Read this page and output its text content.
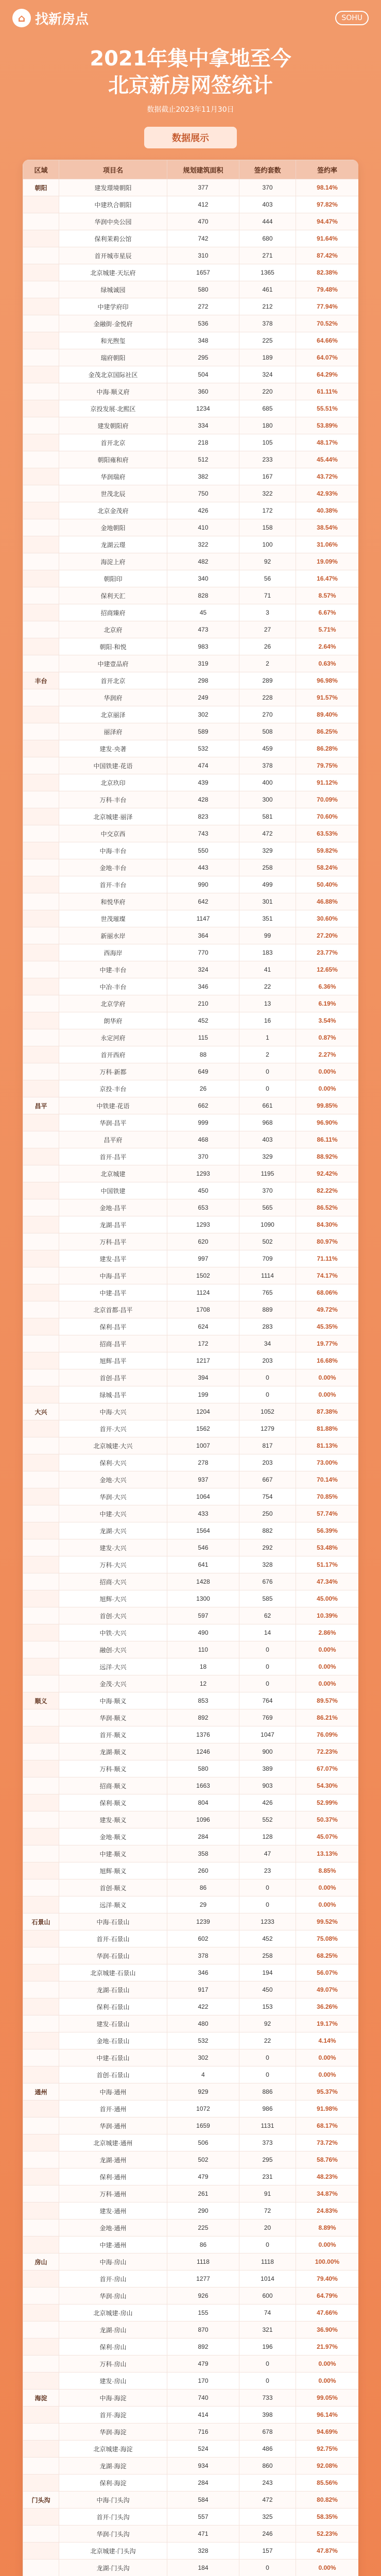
⌂ 找新房点	SOHU
2021年集中拿地至今
北京新房网签统计
数据截止2023年11月30日
数据展示
区域	项目名	规划建筑面积	签约套数	签约率
朝阳	建发璟境朝阳	377	370	98.14%
	中建玖合朝阳	412	403	97.82%
	华润中央公园	470	444	94.47%
	保利茉莉公馆	742	680	91.64%
	首开城市星辰	310	271	87.42%
	北京城建·天坛府	1657	1365	82.38%
	绿城诚园	580	461	79.48%
	中建学府印	272	212	77.94%
	金融街·金悦府	536	378	70.52%
	和光煦玺	348	225	64.66%
	瑞府朝阳	295	189	64.07%
	金茂北京国际社区	504	324	64.29%
	中海·顺义府	360	220	61.11%
	京投发展·北熙区	1234	685	55.51%
	建发朝阳府	334	180	53.89%
	首开北京	218	105	48.17%
	朝阳雍和府	512	233	45.44%
	华润瑞府	382	167	43.72%
	世茂北辰	750	322	42.93%
	北京金茂府	426	172	40.38%
	金地朝阳	410	158	38.54%
	龙湖云璟	322	100	31.06%
	海淀上府	482	92	19.09%
	朝阳印	340	56	16.47%
	保利天汇	828	71	8.57%
	招商臻府	45	3	6.67%
	北京府	473	27	5.71%
	朝阳·和悦	983	26	2.64%
	中建壹品府	319	2	0.63%
丰台	首开北京	298	289	96.98%
	华润府	249	228	91.57%
	北京丽泽	302	270	89.40%
	丽泽府	589	508	86.25%
	建发·央著	532	459	86.28%
	中国铁建·花语	474	378	79.75%
	北京玖印	439	400	91.12%
	万科·丰台	428	300	70.09%
	北京城建·丽泽	823	581	70.60%
	中交京西	743	472	63.53%
	中海·丰台	550	329	59.82%
	金地·丰台	443	258	58.24%
	首开·丰台	990	499	50.40%
	和悦华府	642	301	46.88%
	世茂璀璨	1147	351	30.60%
	新丽水岸	364	99	27.20%
	西海岸	770	183	23.77%
	中建·丰台	324	41	12.65%
	中冶·丰台	346	22	6.36%
	北京学府	210	13	6.19%
	朗华府	452	16	3.54%
	永定河府	115	1	0.87%
	首开西府	88	2	2.27%
	万科·新都	649	0	0.00%
	京投·丰台	26	0	0.00%
昌平	中铁建·花语	662	661	99.85%
	华润·昌平	999	968	96.90%
	昌平府	468	403	86.11%
	首开·昌平	370	329	88.92%
	北京城建	1293	1195	92.42%
	中国铁建	450	370	82.22%
	金地·昌平	653	565	86.52%
	龙湖·昌平	1293	1090	84.30%
	万科·昌平	620	502	80.97%
	建发·昌平	997	709	71.11%
	中海·昌平	1502	1114	74.17%
	中建·昌平	1124	765	68.06%
	北京首都·昌平	1708	889	49.72%
	保利·昌平	624	283	45.35%
	招商·昌平	172	34	19.77%
	旭辉·昌平	1217	203	16.68%
	首创·昌平	394	0	0.00%
	绿城·昌平	199	0	0.00%
大兴	中海·大兴	1204	1052	87.38%
	首开·大兴	1562	1279	81.88%
	北京城建·大兴	1007	817	81.13%
	保利·大兴	278	203	73.00%
	金地·大兴	937	667	70.14%
	华润·大兴	1064	754	70.85%
	中建·大兴	433	250	57.74%
	龙湖·大兴	1564	882	56.39%
	建发·大兴	546	292	53.48%
	万科·大兴	641	328	51.17%
	招商·大兴	1428	676	47.34%
	旭辉·大兴	1300	585	45.00%
	首创·大兴	597	62	10.39%
	中铁·大兴	490	14	2.86%
	融创·大兴	110	0	0.00%
	远洋·大兴	18	0	0.00%
	金茂·大兴	12	0	0.00%
顺义	中海·顺义	853	764	89.57%
	华润·顺义	892	769	86.21%
	首开·顺义	1376	1047	76.09%
	龙湖·顺义	1246	900	72.23%
	万科·顺义	580	389	67.07%
	招商·顺义	1663	903	54.30%
	保利·顺义	804	426	52.99%
	建发·顺义	1096	552	50.37%
	金地·顺义	284	128	45.07%
	中建·顺义	358	47	13.13%
	旭辉·顺义	260	23	8.85%
	首创·顺义	86	0	0.00%
	远洋·顺义	29	0	0.00%
石景山	中海·石景山	1239	1233	99.52%
	首开·石景山	602	452	75.08%
	华润·石景山	378	258	68.25%
	北京城建·石景山	346	194	56.07%
	龙湖·石景山	917	450	49.07%
	保利·石景山	422	153	36.26%
	建发·石景山	480	92	19.17%
	金地·石景山	532	22	4.14%
	中建·石景山	302	0	0.00%
	首创·石景山	4	0	0.00%
通州	中海·通州	929	886	95.37%
	首开·通州	1072	986	91.98%
	华润·通州	1659	1131	68.17%
	北京城建·通州	506	373	73.72%
	龙湖·通州	502	295	58.76%
	保利·通州	479	231	48.23%
	万科·通州	261	91	34.87%
	建发·通州	290	72	24.83%
	金地·通州	225	20	8.89%
	中建·通州	86	0	0.00%
房山	中海·房山	1118	1118	100.00%
	首开·房山	1277	1014	79.40%
	华润·房山	926	600	64.79%
	北京城建·房山	155	74	47.66%
	龙湖·房山	870	321	36.90%
	保利·房山	892	196	21.97%
	万科·房山	479	0	0.00%
	建发·房山	170	0	0.00%
海淀	中海·海淀	740	733	99.05%
	首开·海淀	414	398	96.14%
	华润·海淀	716	678	94.69%
	北京城建·海淀	524	486	92.75%
	龙湖·海淀	934	860	92.08%
	保利·海淀	284	243	85.56%
门头沟	中海·门头沟	584	472	80.82%
	首开·门头沟	557	325	58.35%
	华润·门头沟	471	246	52.23%
	北京城建·门头沟	328	157	47.87%
	龙湖·门头沟	184	0	0.00%
